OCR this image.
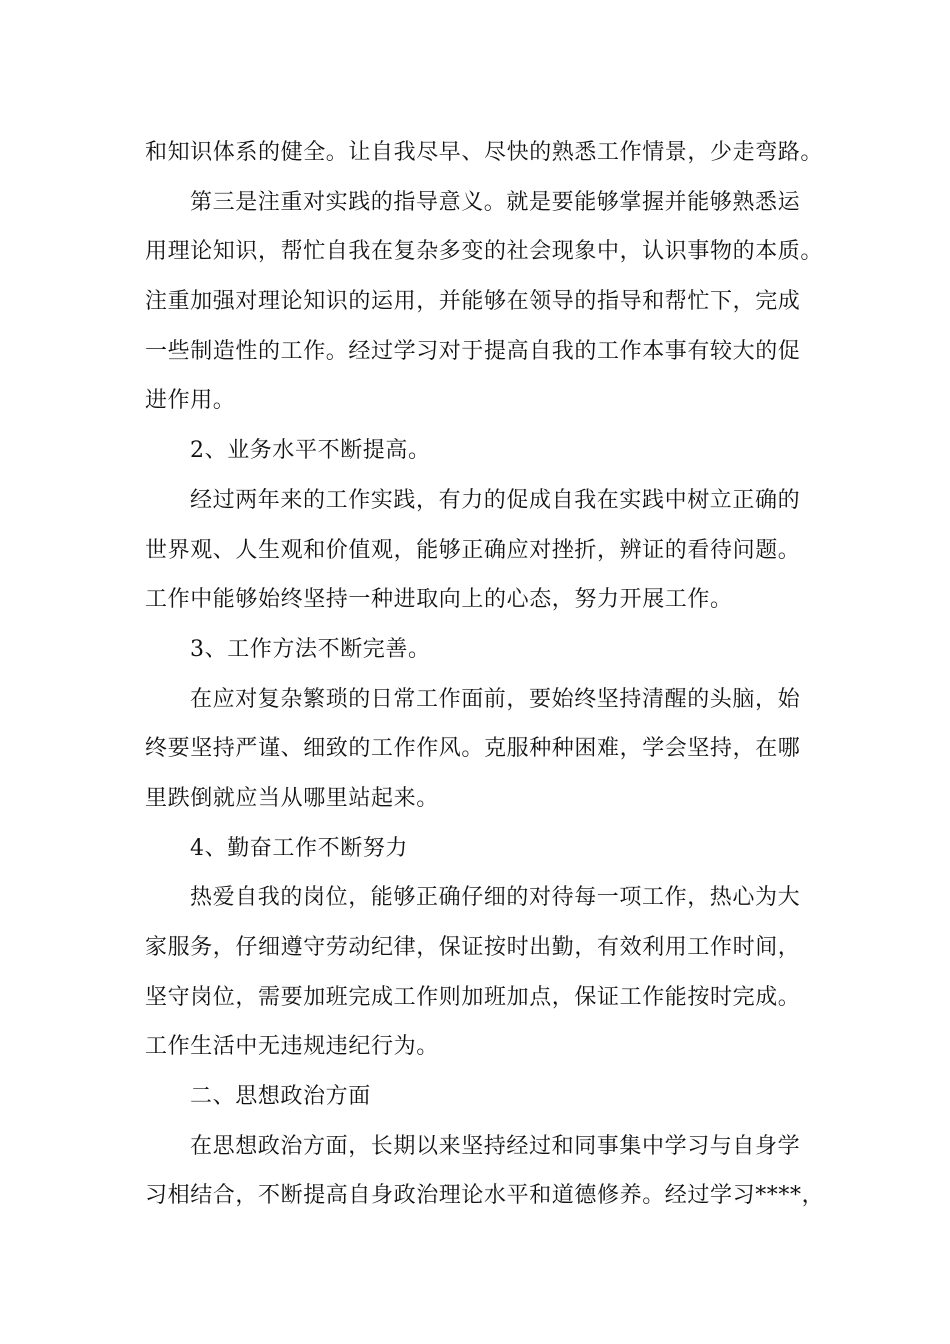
和知识体系的健全。让自我尽早、尽快的熟悉工作情景，少走弯路。
第三是注重对实践的指导意义。就是要能够掌握并能够熟悉运
用理论知识，帮忙自我在复杂多变的社会现象中，认识事物的本质。
注重加强对理论知识的运用，并能够在领导的指导和帮忙下，完成
一些制造性的工作。经过学习对于提高自我的工作本事有较大的促
进作用。
2、业务水平不断提高。
经过两年来的工作实践，有力的促成自我在实践中树立正确的
世界观、人生观和价值观，能够正确应对挫折，辨证的看待问题。
工作中能够始终坚持一种进取向上的心态，努力开展工作。
3、工作方法不断完善。
在应对复杂繁琐的日常工作面前，要始终坚持清醒的头脑，始
终要坚持严谨、细致的工作作风。克服种种困难，学会坚持，在哪
里跌倒就应当从哪里站起来。
4、勤奋工作不断努力
热爱自我的岗位，能够正确仔细的对待每一项工作，热心为大
家服务，仔细遵守劳动纪律，保证按时出勤，有效利用工作时间，
坚守岗位，需要加班完成工作则加班加点，保证工作能按时完成。
工作生活中无违规违纪行为。
二、思想政治方面
在思想政治方面，长期以来坚持经过和同事集中学习与自身学
习相结合，不断提高自身政治理论水平和道德修养。经过学习****，
